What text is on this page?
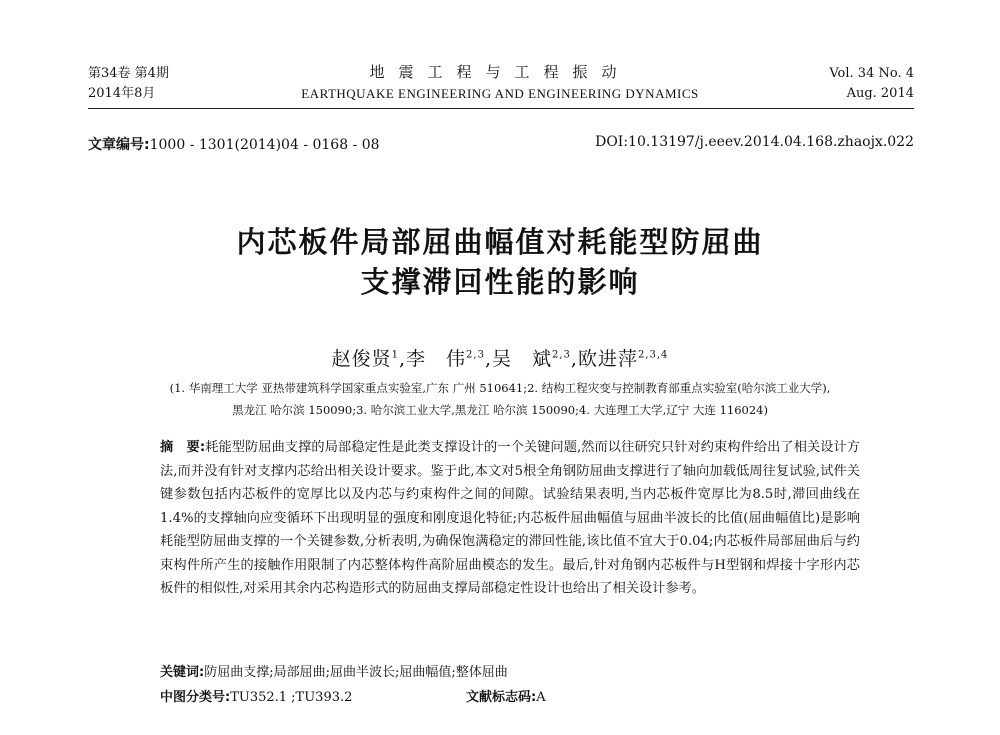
第34卷 第4期
2014年8月
地震工程与工程振动
EARTHQUAKE ENGINEERING AND ENGINEERING DYNAMICS
Vol. 34 No. 4
Aug. 2014
文章编号:1000 - 1301(2014)04 - 0168 - 08	DOI:10.13197/j.eeev.2014.04.168.zhaojx.022
内芯板件局部屈曲幅值对耗能型防屈曲
支撑滞回性能的影响
赵俊贤$^1$,李　伟$^{2,3}$,吴　斌$^{2,3}$,欧进萍$^{2,3,4}$
(1. 华南理工大学 亚热带建筑科学国家重点实验室,广东 广州 510641;2. 结构工程灾变与控制教育部重点实验室(哈尔滨工业大学),
黑龙江 哈尔滨 150090;3. 哈尔滨工业大学,黑龙江 哈尔滨 150090;4. 大连理工大学,辽宁 大连 116024)
摘　要:耗能型防屈曲支撑的局部稳定性是此类支撑设计的一个关键问题,然而以往研究只针对约束构件给出了相关设计方法,而并没有针对支撑内芯给出相关设计要求。鉴于此,本文对5根全角钢防屈曲支撑进行了轴向加载低周往复试验,试件关键参数包括内芯板件的宽厚比以及内芯与约束构件之间的间隙。试验结果表明,当内芯板件宽厚比为8.5时,滞回曲线在1.4%的支撑轴向应变循环下出现明显的强度和刚度退化特征;内芯板件屈曲幅值与屈曲半波长的比值(屈曲幅值比)是影响耗能型防屈曲支撑的一个关键参数,分析表明,为确保饱满稳定的滞回性能,该比值不宜大于0.04;内芯板件局部屈曲后与约束构件所产生的接触作用限制了内芯整体构件高阶屈曲模态的发生。最后,针对角钢内芯板件与H型钢和焊接十字形内芯板件的相似性,对采用其余内芯构造形式的防屈曲支撑局部稳定性设计也给出了相关设计参考。
关键词:防屈曲支撑;局部屈曲;屈曲半波长;屈曲幅值;整体屈曲
中图分类号:TU352.1 ;TU393.2	文献标志码:A
